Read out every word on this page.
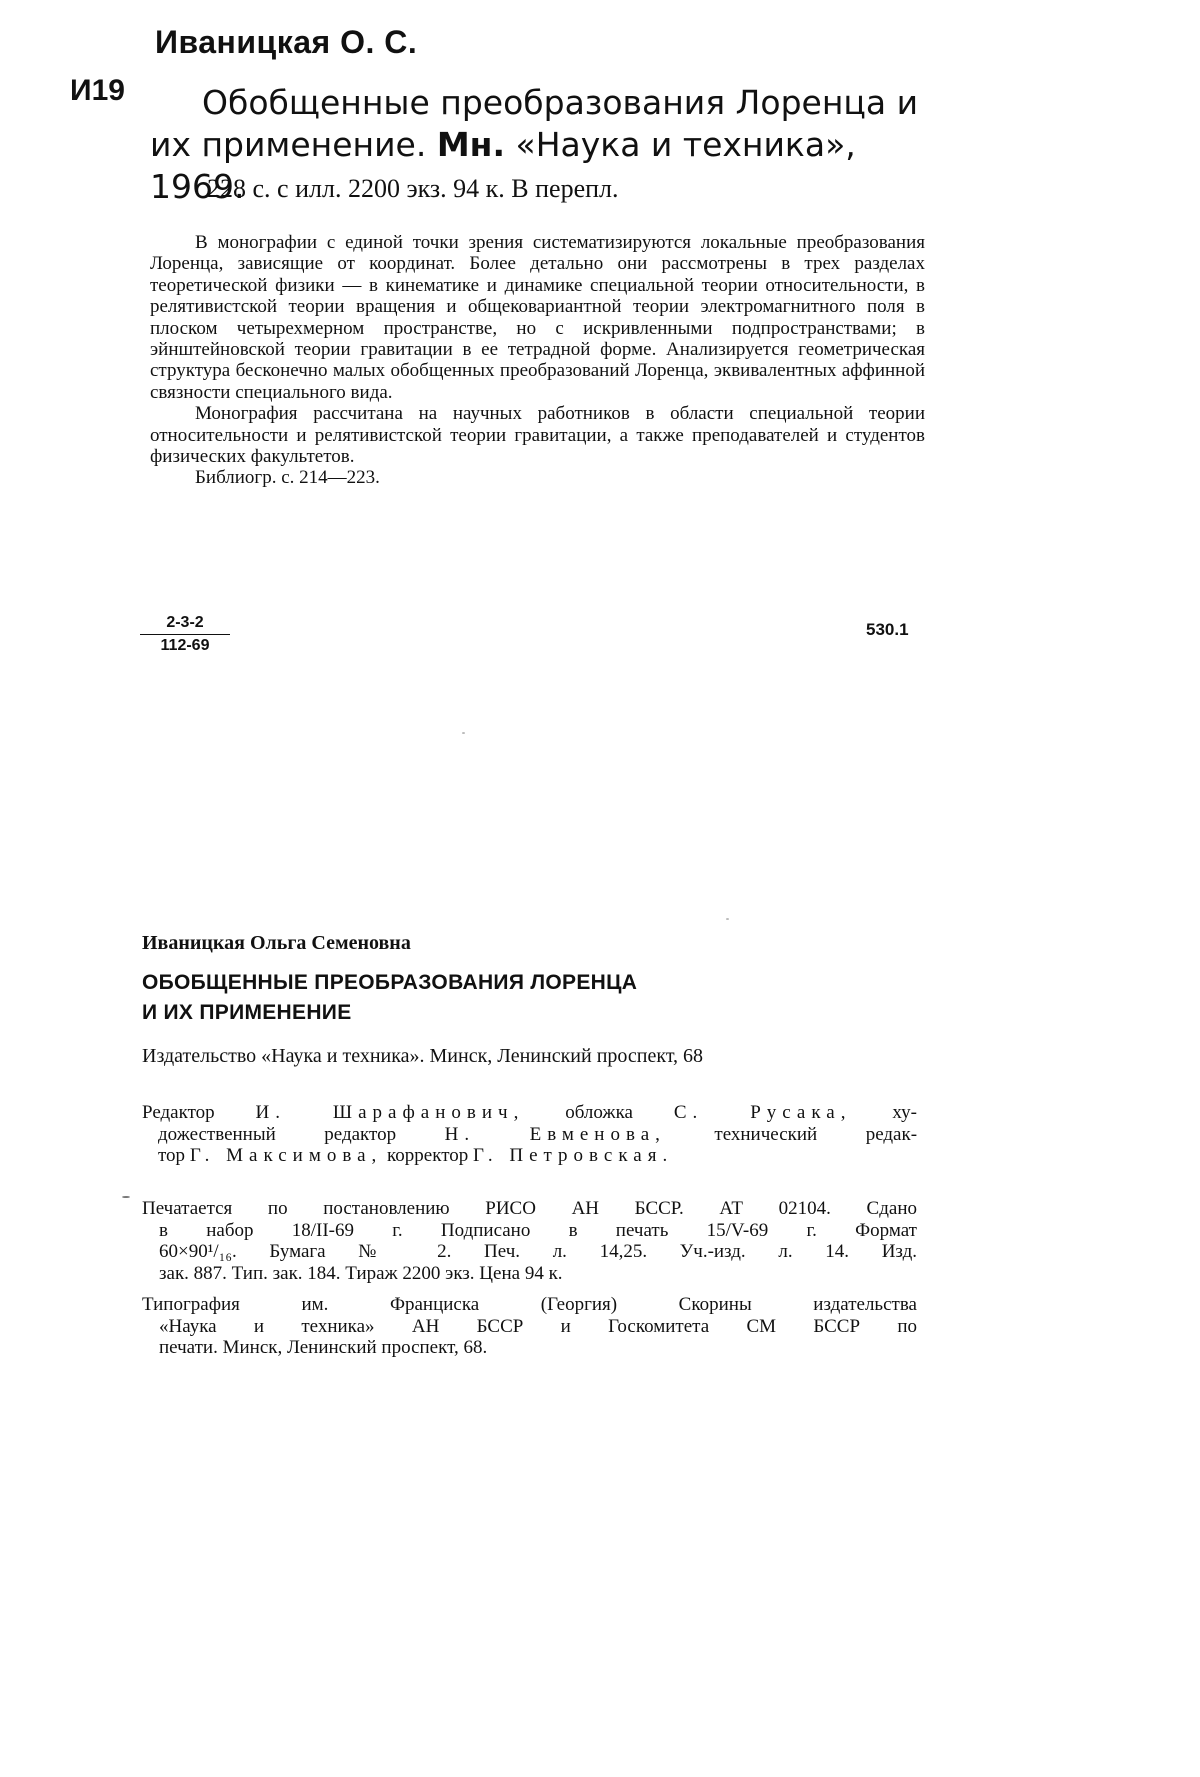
Иваницкая О. С.
И19	Обобщенные преобразования Лоренца и их применение. Мн. «Наука и техника», 1969.
228 с. с илл. 2200 экз. 94 к. В перепл.

В монографии с единой точки зрения систематизируются локальные преобразования Лоренца, зависящие от координат. Более детально они рассмотрены в трех разделах теоретической физики — в кинематике и динамике специальной теории относительности, в релятивистской теории вращения и общековариантной теории электромагнитного поля в плоском четырехмерном пространстве, но с искривленными подпространствами; в эйнштейновской теории гравитации в ее тетрадной форме. Анализируется геометрическая структура бесконечно малых обобщенных преобразований Лоренца, эквивалентных аффинной связности специального вида.

Монография рассчитана на научных работников в области специальной теории относительности и релятивистской теории гравитации, а также преподавателей и студентов физических факультетов.

Библиогр. с. 214—223.

$\frac{2-3-2}{112-69}$	530.1
Иваницкая Ольга Семеновна
ОБОБЩЕННЫЕ ПРЕОБРАЗОВАНИЯ ЛОРЕНЦА
И ИХ ПРИМЕНЕНИЕ
Издательство «Наука и техника». Минск, Ленинский проспект, 68
Редактор И. Шарафанович, обложка С. Русака, ху-
дожественный редактор	Н. Евменова,	технический редак-
тор Г. Максимова, корректор Г. Петровская.
Печатается по постановлению РИСО АН БССР. АТ 02104. Сдано
в набор 18/II-69 г. Подписано в печать 15/V-69 г. Формат
60×90¹/₁₆. Бумага № 2. Печ. л. 14,25. Уч.-изд. л. 14. Изд.
зак. 887. Тип. зак. 184. Тираж 2200 экз. Цена 94 к.
Типография им. Франциска (Георгия) Скорины издательства
«Наука и техника» АН БССР и Госкомитета СМ БССР по
печати. Минск, Ленинский проспект, 68.
